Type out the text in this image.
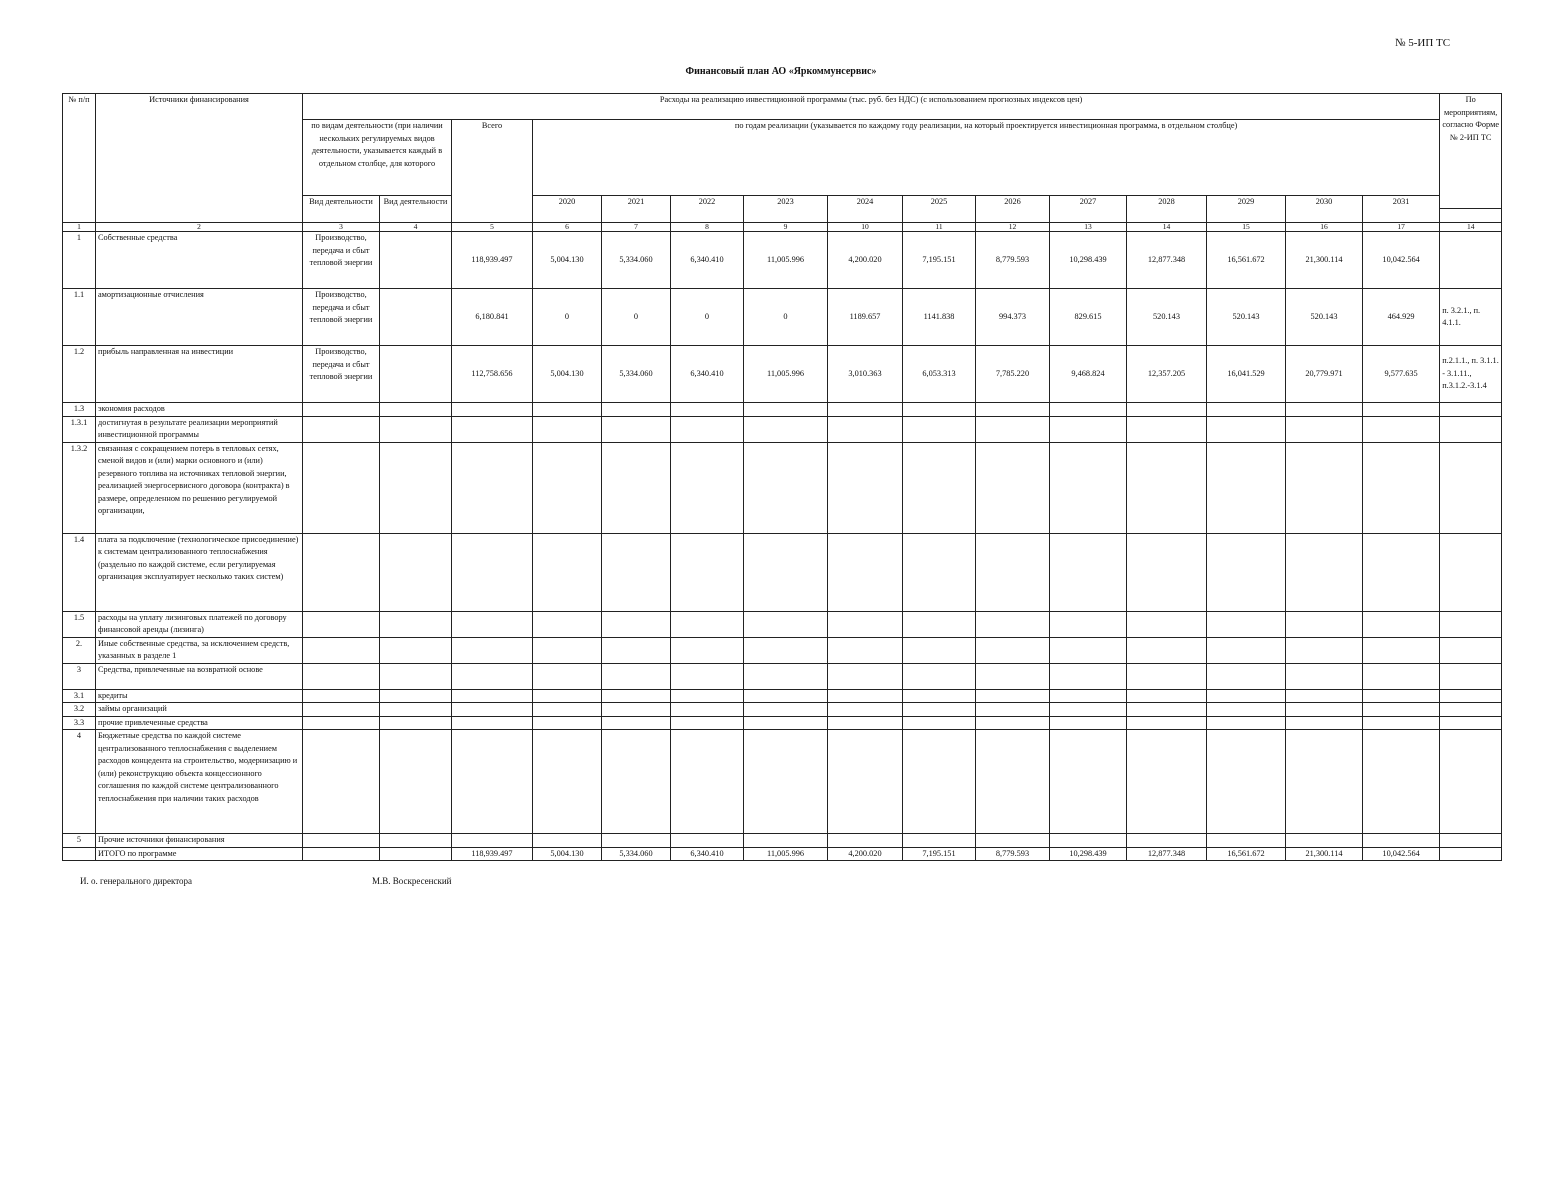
№ 5-ИП ТС
Финансовый план АО «Яркоммунсервис»
№ п/п	Источники финансирования	Расходы на реализацию инвестиционной программы (тыс. руб. без НДС) (с использованием прогнозных индексов цен)															По мероприятиям, согласно Форме № 2-ИП ТС
		по видам деятельности (при наличии нескольких регулируемых видов деятельности, указывается каждый в отдельном столбце, для которого		Всего	по годам реализации (указывается по каждому году реализации, на который проектируется инвестиционная программа, в отдельном столбце)												
		Вид деятельности	Вид деятельности		2020	2021	2022	2023	2024	2025	2026	2027	2028	2029	2030	2031	

1	2	3	4	5	6	7	8	9	10	11	12	13	14	15	16	17	14
1	Собственные средства	Производство, передача и сбыт тепловой энергии		118,939.497	5,004.130	5,334.060	6,340.410	11,005.996	4,200.020	7,195.151	8,779.593	10,298.439	12,877.348	16,561.672	21,300.114	10,042.564	
1.1	амортизационные отчисления	Производство, передача и сбыт тепловой энергии		6,180.841	0	0	0	0	1189.657	1141.838	994.373	829.615	520.143	520.143	520.143	464.929	п. 3.2.1., п. 4.1.1.
1.2	прибыль направленная на инвестиции	Производство, передача и сбыт тепловой энергии		112,758.656	5,004.130	5,334.060	6,340.410	11,005.996	3,010.363	6,053.313	7,785.220	9,468.824	12,357.205	16,041.529	20,779.971	9,577.635	п.2.1.1., п. 3.1.1. - 3.1.11., п.3.1.2.-3.1.4
1.3	экономия расходов																
1.3.1	достигнутая в результате реализации мероприятий инвестиционной программы																
1.3.2	связанная с сокращением потерь в тепловых сетях, сменой видов и (или) марки основного и (или) резервного топлива на источниках тепловой энергии, реализацией энергосервисного договора (контракта) в размере, определенном по решению регулируемой организации,																
1.4	плата за подключение (технологическое присоединение) к системам централизованного теплоснабжения (раздельно по каждой системе, если регулируемая организация эксплуатирует несколько таких систем)																
1.5	расходы на уплату лизинговых платежей по договору финансовой аренды (лизинга)																
2.	Иные собственные средства, за исключением средств, указанных в разделе 1																
3	Средства, привлеченные на возвратной основе																
3.1	кредиты																
3.2	займы организаций																
3.3	прочие привлеченные средства																
4	Бюджетные средства по каждой системе централизованного теплоснабжения с выделением расходов концедента на строительство, модернизацию и (или) реконструкцию объекта концессионного соглашения по каждой системе централизованного теплоснабжения при наличии таких расходов																
5	Прочие источники финансирования																
	ИТОГО по программе			118,939.497	5,004.130	5,334.060	6,340.410	11,005.996	4,200.020	7,195.151	8,779.593	10,298.439	12,877.348	16,561.672	21,300.114	10,042.564	
И. о. генерального директора	М.В. Воскресенский
